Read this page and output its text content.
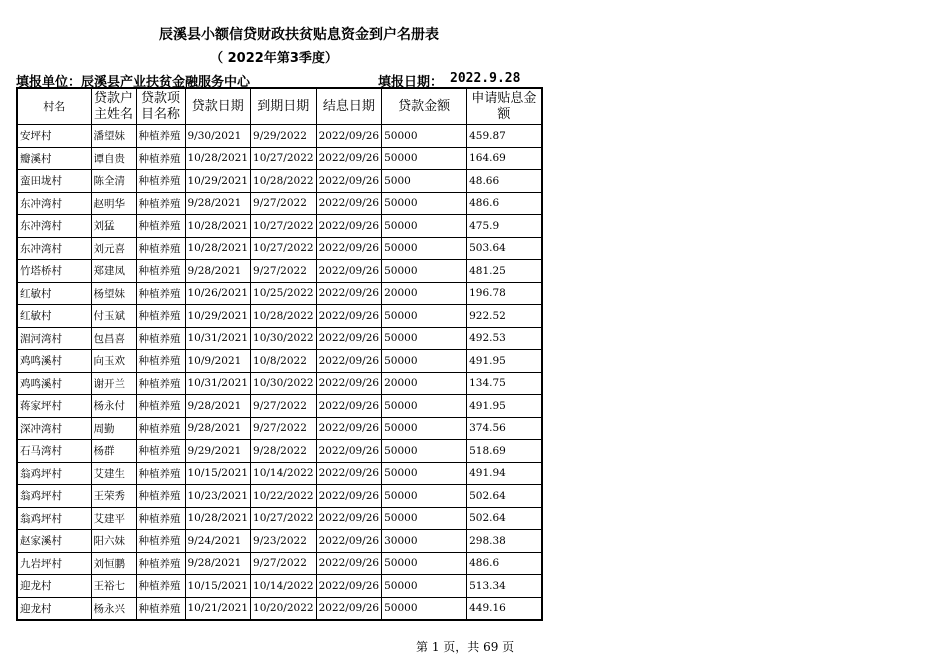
辰溪县小额信贷财政扶贫贴息资金到户名册表
（ 2022年第3季度）
填报单位：辰溪县产业扶贫金融服务中心	填报日期： 2022.9.28
村名	贷款户主姓名	贷款项目名称	贷款日期	到期日期	结息日期	贷款金额	申请贴息金额
安坪村	潘望妹	种植养殖	9/30/2021	9/29/2022	2022/09/26	50000	459.87
瓣溪村	谭自贵	种植养殖	10/28/2021	10/27/2022	2022/09/26	50000	164.69
蛮田垅村	陈全清	种植养殖	10/29/2021	10/28/2022	2022/09/26	5000	48.66
东冲湾村	赵明华	种植养殖	9/28/2021	9/27/2022	2022/09/26	50000	486.6
东冲湾村	刘猛	种植养殖	10/28/2021	10/27/2022	2022/09/26	50000	475.9
东冲湾村	刘元喜	种植养殖	10/28/2021	10/27/2022	2022/09/26	50000	503.64
竹塔桥村	郑建凤	种植养殖	9/28/2021	9/27/2022	2022/09/26	50000	481.25
红敏村	杨望妹	种植养殖	10/26/2021	10/25/2022	2022/09/26	20000	196.78
红敏村	付玉斌	种植养殖	10/29/2021	10/28/2022	2022/09/26	50000	922.52
湄河湾村	包昌喜	种植养殖	10/31/2021	10/30/2022	2022/09/26	50000	492.53
鸡鸣溪村	向玉欢	种植养殖	10/9/2021	10/8/2022	2022/09/26	50000	491.95
鸡鸣溪村	谢开兰	种植养殖	10/31/2021	10/30/2022	2022/09/26	20000	134.75
蒋家坪村	杨永付	种植养殖	9/28/2021	9/27/2022	2022/09/26	50000	491.95
深冲湾村	周勤	种植养殖	9/28/2021	9/27/2022	2022/09/26	50000	374.56
石马湾村	杨群	种植养殖	9/29/2021	9/28/2022	2022/09/26	50000	518.69
翁鸡坪村	艾建生	种植养殖	10/15/2021	10/14/2022	2022/09/26	50000	491.94
翁鸡坪村	王荣秀	种植养殖	10/23/2021	10/22/2022	2022/09/26	50000	502.64
翁鸡坪村	艾建平	种植养殖	10/28/2021	10/27/2022	2022/09/26	50000	502.64
赵家溪村	阳六妹	种植养殖	9/24/2021	9/23/2022	2022/09/26	30000	298.38
九岩坪村	刘恒鹏	种植养殖	9/28/2021	9/27/2022	2022/09/26	50000	486.6
迎龙村	王裕七	种植养殖	10/15/2021	10/14/2022	2022/09/26	50000	513.34
迎龙村	杨永兴	种植养殖	10/21/2021	10/20/2022	2022/09/26	50000	449.16
第 1 页，共 69 页
